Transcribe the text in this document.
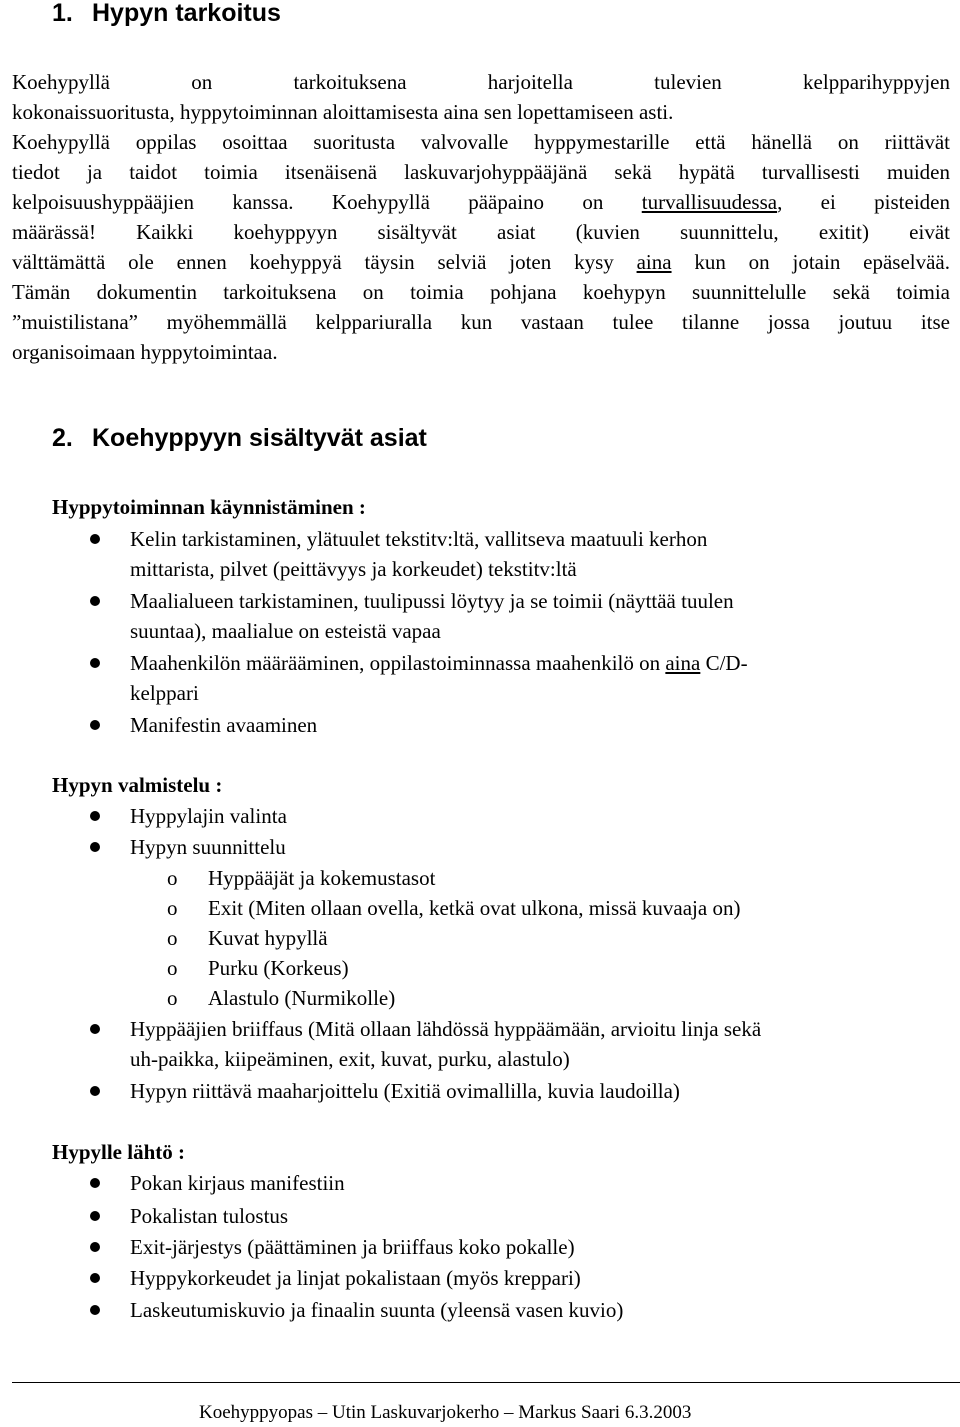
1. Hypyn tarkoitus
Koehypyllä on tarkoituksena harjoitella tulevien kelpparihyppyjen
kokonaissuoritusta, hyppytoiminnan aloittamisesta aina sen lopettamiseen asti.
Koehypyllä oppilas osoittaa suoritusta valvovalle hyppymestarille että hänellä on riittävät
tiedot ja taidot toimia itsenäisenä laskuvarjohyppääjänä sekä hypätä turvallisesti muiden
kelpoisuushyppääjien kanssa. Koehypyllä pääpaino on turvallisuudessa, ei pisteiden
määrässä! Kaikki koehyppyyn sisältyvät asiat (kuvien suunnittelu, exitit) eivät
välttämättä ole ennen koehyppyä täysin selviä joten kysy aina kun on jotain epäselvää.
Tämän dokumentin tarkoituksena on toimia pohjana koehypyn suunnittelulle sekä toimia
”muistilistana” myöhemmällä kelppariuralla kun vastaan tulee tilanne jossa joutuu itse
organisoimaan hyppytoimintaa.
2. Koehyppyyn sisältyvät asiat
Hyppytoiminnan käynnistäminen :
Kelin tarkistaminen, ylätuulet tekstitv:ltä, vallitseva maatuuli kerhon
mittarista, pilvet (peittävyys ja korkeudet) tekstitv:ltä
Maalialueen tarkistaminen, tuulipussi löytyy ja se toimii (näyttää tuulen
suuntaa), maalialue on esteistä vapaa
Maahenkilön määrääminen, oppilastoiminnassa maahenkilö on aina C/D-
kelppari
Manifestin avaaminen
Hypyn valmistelu :
Hyppylajin valinta
Hypyn suunnittelu
o Hyppääjät ja kokemustasot
o Exit (Miten ollaan ovella, ketkä ovat ulkona, missä kuvaaja on)
o Kuvat hypyllä
o Purku (Korkeus)
o Alastulo (Nurmikolle)
Hyppääjien briiffaus (Mitä ollaan lähdössä hyppäämään, arvioitu linja sekä
uh-paikka, kiipeäminen, exit, kuvat, purku, alastulo)
Hypyn riittävä maaharjoittelu (Exitiä ovimallilla, kuvia laudoilla)
Hypylle lähtö :
Pokan kirjaus manifestiin
Pokalistan tulostus
Exit-järjestys (päättäminen ja briiffaus koko pokalle)
Hyppykorkeudet ja linjat pokalistaan (myös kreppari)
Laskeutumiskuvio ja finaalin suunta (yleensä vasen kuvio)
Koehyppyopas – Utin Laskuvarjokerho – Markus Saari 6.3.2003
